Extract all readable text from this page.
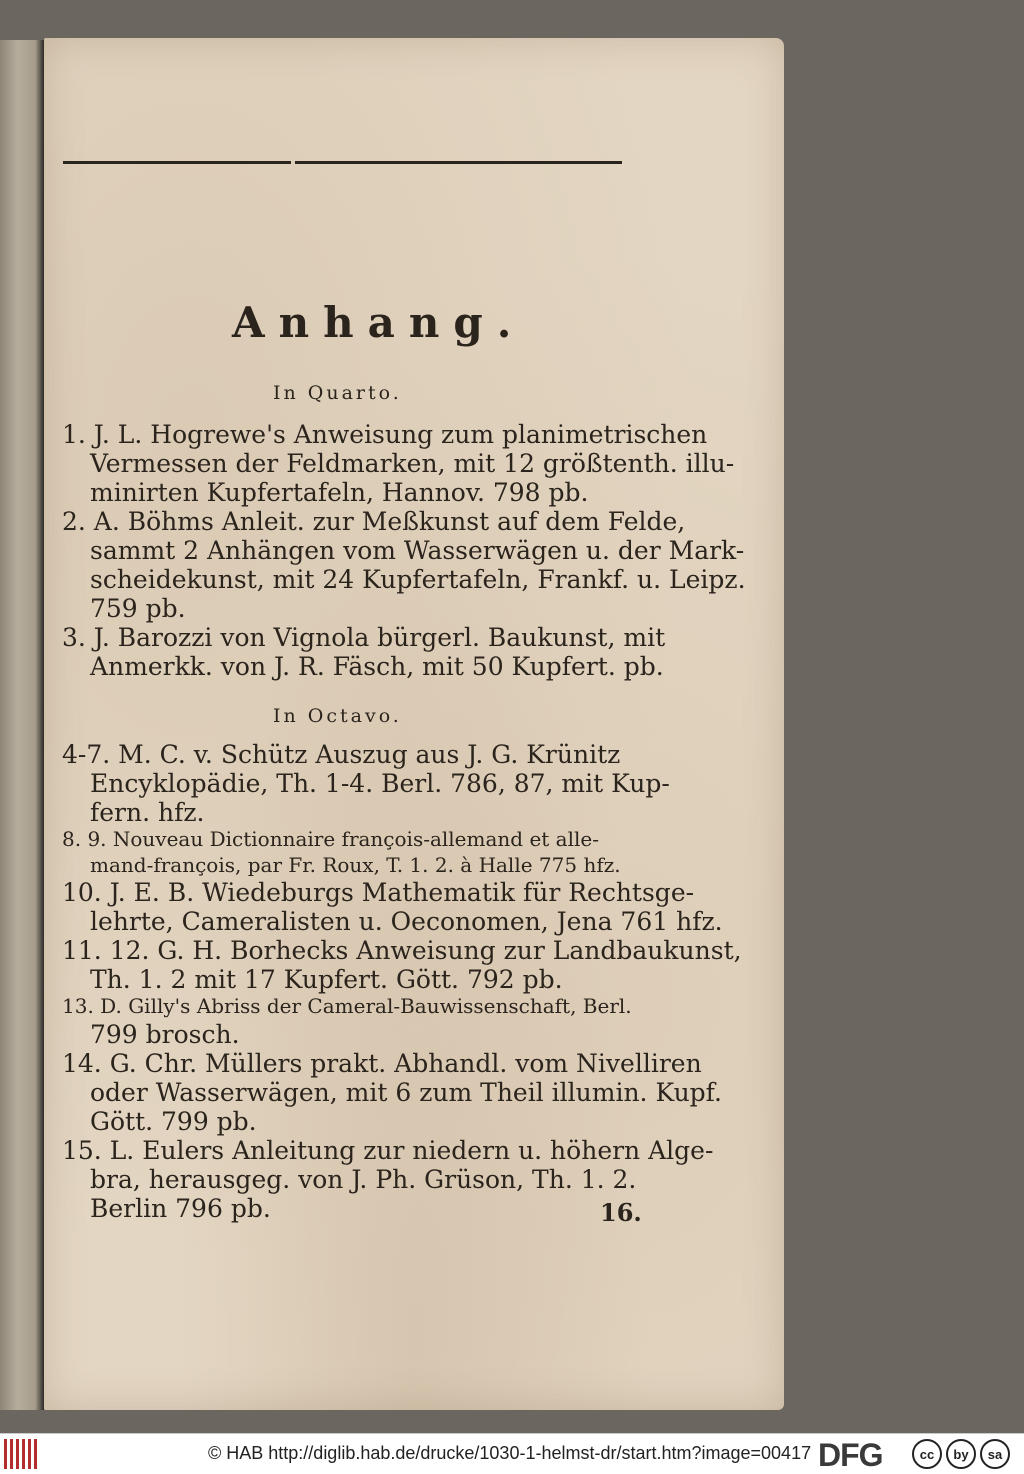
Anhang.
In Quarto.
1. J. L. Hogrewe's Anweisung zum planimetrischen
Vermessen der Feldmarken, mit 12 größtenth. illu-
minirten Kupfertafeln, Hannov. 798 pb.
2. A. Böhms Anleit. zur Meßkunst auf dem Felde,
sammt 2 Anhängen vom Wasserwägen u. der Mark-
scheidekunst, mit 24 Kupfertafeln, Frankf. u. Leipz.
759 pb.
3. J. Barozzi von Vignola bürgerl. Baukunst, mit
Anmerkk. von J. R. Fäsch, mit 50 Kupfert. pb.
In Octavo.
4-7. M. C. v. Schütz Auszug aus J. G. Krünitz
Encyklopädie, Th. 1-4. Berl. 786, 87, mit Kup-
fern. hfz.
8. 9. Nouveau Dictionnaire françois-allemand et alle-
mand-françois, par Fr. Roux, T. 1. 2. à Halle 775 hfz.
10. J. E. B. Wiedeburgs Mathematik für Rechtsge-
lehrte, Cameralisten u. Oeconomen, Jena 761 hfz.
11. 12. G. H. Borhecks Anweisung zur Landbaukunst,
Th. 1. 2 mit 17 Kupfert. Gött. 792 pb.
13. D. Gilly's Abriss der Cameral-Bauwissenschaft, Berl.
799 brosch.
14. G. Chr. Müllers prakt. Abhandl. vom Nivelliren
oder Wasserwägen, mit 6 zum Theil illumin. Kupf.
Gött. 799 pb.
15. L. Eulers Anleitung zur niedern u. höhern Alge-
bra, herausgeg. von J. Ph. Grüson, Th. 1. 2.
Berlin 796 pb.	16.
© HAB http://diglib.hab.de/drucke/1030-1-helmst-dr/start.htm?image=00417 DFG	cc	by	sa
